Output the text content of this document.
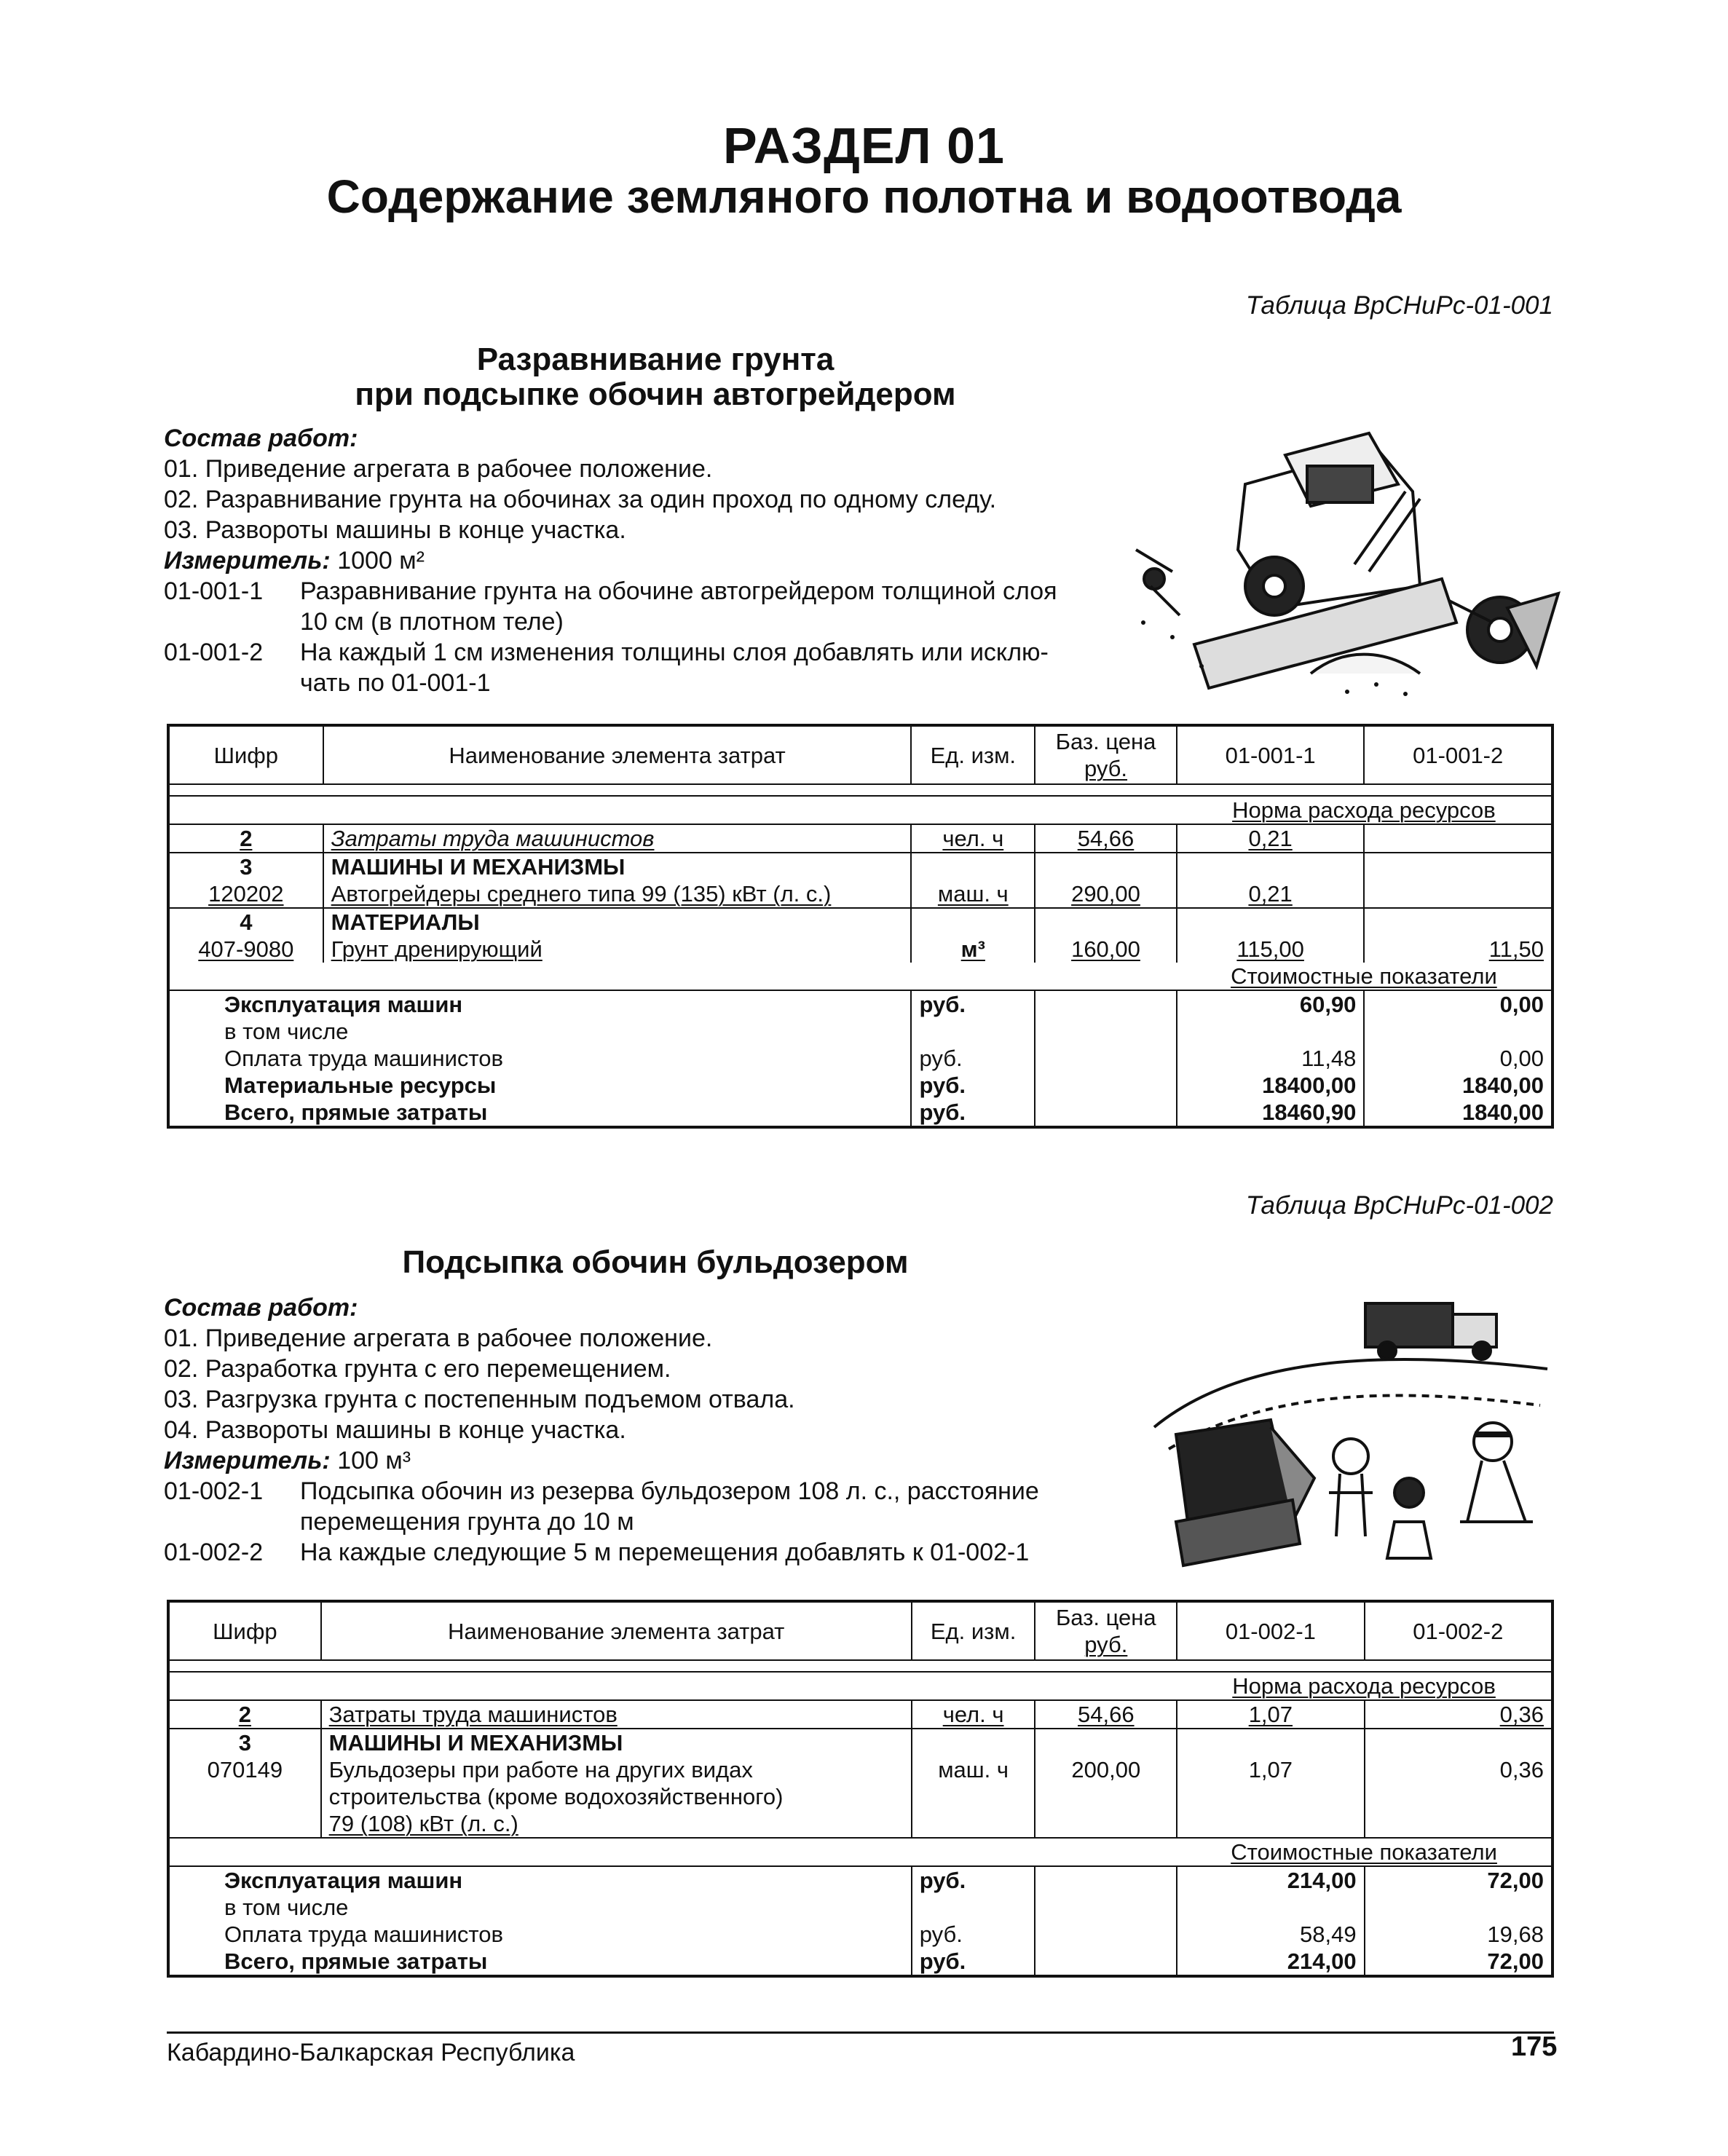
РАЗДЕЛ 01
Содержание земляного полотна и водоотвода
Таблица ВрСНиРс-01-001
Разравнивание грунта
при подсыпке обочин автогрейдером
Состав работ:
01. Приведение агрегата в рабочее положение.
02. Разравнивание грунта на обочинах за один проход по одному следу.
03. Развороты машины в конце участка.
Измеритель: 1000 м²
01-001-1 Разравнивание грунта на обочине автогрейдером толщиной слоя
10 см (в плотном теле)
01-001-2 На каждый 1 см изменения толщины слоя добавлять или исклю-
чать по 01-001-1
Шифр	Наименование элемента затрат	Ед. изм.	Баз. цена
руб.	01-001-1	01-001-2

				Норма расхода ресурсов	
2	Затраты труда машинистов	чел. ч	54,66	0,21	
3	МАШИНЫ И МЕХАНИЗМЫ				
120202	Автогрейдеры среднего типа 99 (135) кВт (л. с.)	маш. ч	290,00	0,21	
4	МАТЕРИАЛЫ				
407-9080	Грунт дренирующий	м³	160,00	115,00	11,50
				Стоимостные показатели	
Эксплуатация машин		руб.		60,90	0,00
в том числе					
Оплата труда машинистов		руб.		11,48	0,00
Материальные ресурсы		руб.		18400,00	1840,00
Всего, прямые затраты		руб.		18460,90	1840,00
Таблица ВрСНиРс-01-002
Подсыпка обочин бульдозером
Состав работ:
01. Приведение агрегата в рабочее положение.
02. Разработка грунта с его перемещением.
03. Разгрузка грунта с постепенным подъемом отвала.
04. Развороты машины в конце участка.
Измеритель: 100 м³
01-002-1 Подсыпка обочин из резерва бульдозером 108 л. с., расстояние
перемещения грунта до 10 м
01-002-2 На каждые следующие 5 м перемещения добавлять к 01-002-1
Шифр	Наименование элемента затрат	Ед. изм.	Баз. цена
руб.	01-002-1	01-002-2

				Норма расхода ресурсов	
2	Затраты труда машинистов	чел. ч	54,66	1,07	0,36
3	МАШИНЫ И МЕХАНИЗМЫ				
070149	Бульдозеры при работе на других видах
строительства (кроме водохозяйственного)
79 (108) кВт (л. с.)	маш. ч	200,00	1,07	0,36
				Стоимостные показатели	
Эксплуатация машин		руб.		214,00	72,00
в том числе					
Оплата труда машинистов		руб.		58,49	19,68
Всего, прямые затраты		руб.		214,00	72,00
Кабардино-Балкарская Республика	175
